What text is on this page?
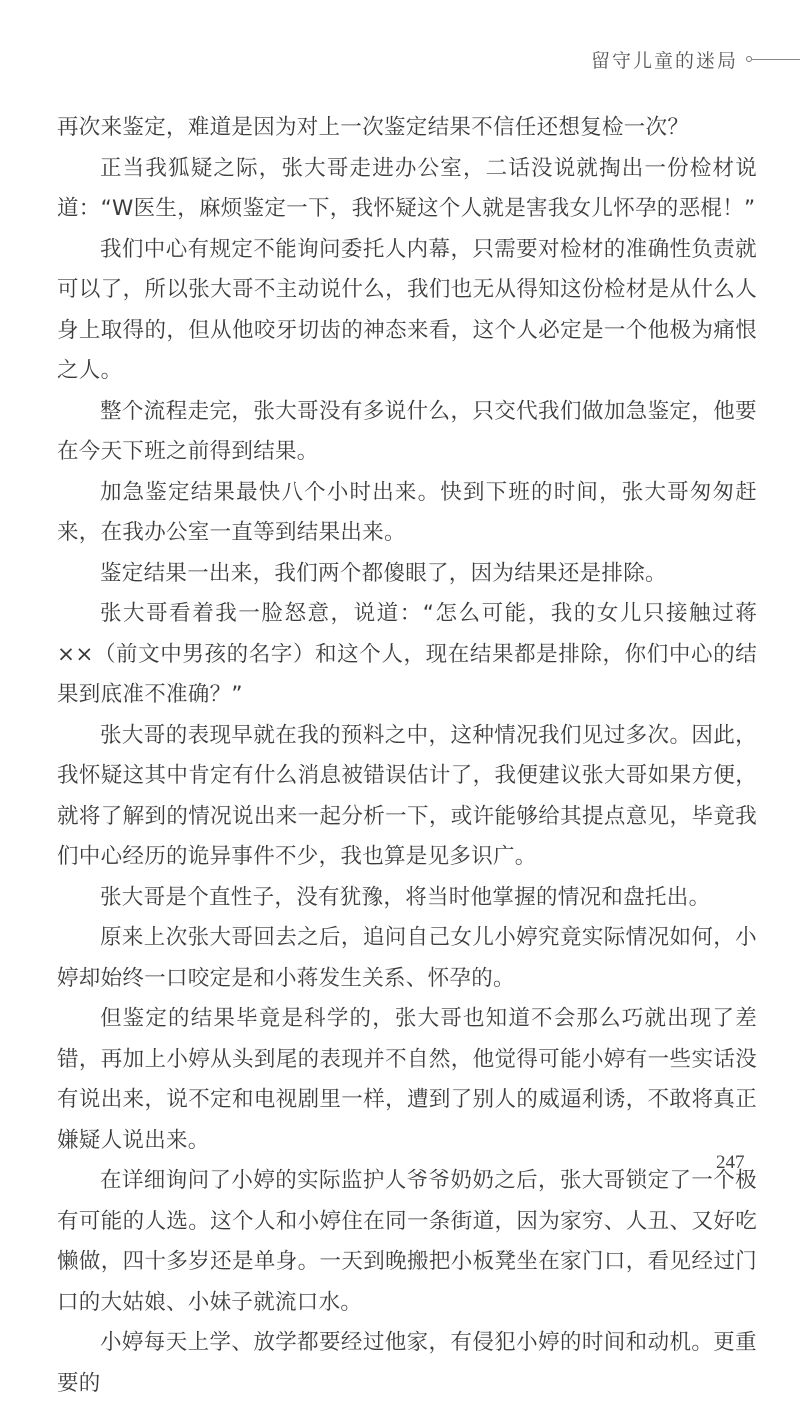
留守儿童的迷局

再次来鉴定，难道是因为对上一次鉴定结果不信任还想复检一次？

正当我狐疑之际，张大哥走进办公室，二话没说就掏出一份检材说道：“W医生，麻烦鉴定一下，我怀疑这个人就是害我女儿怀孕的恶棍！”

我们中心有规定不能询问委托人内幕，只需要对检材的准确性负责就可以了，所以张大哥不主动说什么，我们也无从得知这份检材是从什么人身上取得的，但从他咬牙切齿的神态来看，这个人必定是一个他极为痛恨之人。

整个流程走完，张大哥没有多说什么，只交代我们做加急鉴定，他要在今天下班之前得到结果。

加急鉴定结果最快八个小时出来。快到下班的时间，张大哥匆匆赶来，在我办公室一直等到结果出来。

鉴定结果一出来，我们两个都傻眼了，因为结果还是排除。

张大哥看着我一脸怒意，说道：“怎么可能，我的女儿只接触过蒋××（前文中男孩的名字）和这个人，现在结果都是排除，你们中心的结果到底准不准确？”

张大哥的表现早就在我的预料之中，这种情况我们见过多次。因此，我怀疑这其中肯定有什么消息被错误估计了，我便建议张大哥如果方便，就将了解到的情况说出来一起分析一下，或许能够给其提点意见，毕竟我们中心经历的诡异事件不少，我也算是见多识广。

张大哥是个直性子，没有犹豫，将当时他掌握的情况和盘托出。

原来上次张大哥回去之后，追问自己女儿小婷究竟实际情况如何，小婷却始终一口咬定是和小蒋发生关系、怀孕的。

但鉴定的结果毕竟是科学的，张大哥也知道不会那么巧就出现了差错，再加上小婷从头到尾的表现并不自然，他觉得可能小婷有一些实话没有说出来，说不定和电视剧里一样，遭到了别人的威逼利诱，不敢将真正嫌疑人说出来。

在详细询问了小婷的实际监护人爷爷奶奶之后，张大哥锁定了一个极有可能的人选。这个人和小婷住在同一条街道，因为家穷、人丑、又好吃懒做，四十多岁还是单身。一天到晚搬把小板凳坐在家门口，看见经过门口的大姑娘、小妹子就流口水。

小婷每天上学、放学都要经过他家，有侵犯小婷的时间和动机。更重要的

247
